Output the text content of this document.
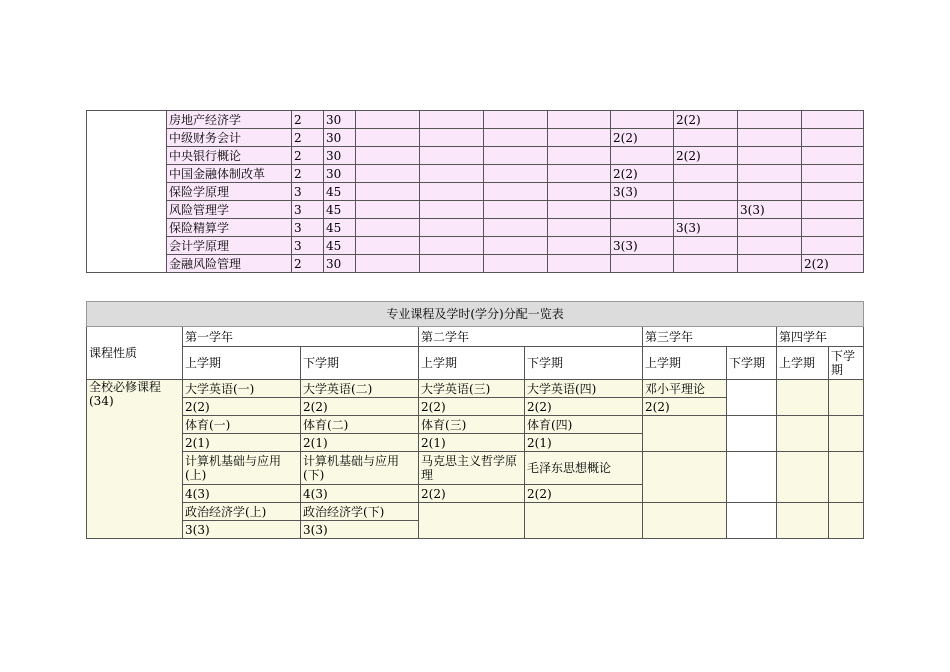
	房地产经济学	2	30						2(2)		
	中级财务会计	2	30					2(2)			
	中央银行概论	2	30						2(2)		
	中国金融体制改革	2	30					2(2)			
	保险学原理	3	45					3(3)			
	风险管理学	3	45							3(3)	
	保险精算学	3	45						3(3)		
	会计学原理	3	45					3(3)			
	金融风险管理	2	30								2(2)
专业课程及学时(学分)分配一览表								
课程性质	第一学年		第二学年		第三学年		第四学年	
	上学期	下学期	上学期	下学期	上学期	下学期	上学期	下学期
全校必修课程(34)	大学英语(一)	大学英语(二)	大学英语(三)	大学英语(四)	邓小平理论			
	2(2)	2(2)	2(2)	2(2)	2(2)			
	体育(一)	体育(二)	体育(三)	体育(四)				
	2(1)	2(1)	2(1)	2(1)				
	计算机基础与应用(上)	计算机基础与应用(下)	马克思主义哲学原理	毛泽东思想概论				
	4(3)	4(3)	2(2)	2(2)				
	政治经济学(上)	政治经济学(下)						
	3(3)	3(3)						
